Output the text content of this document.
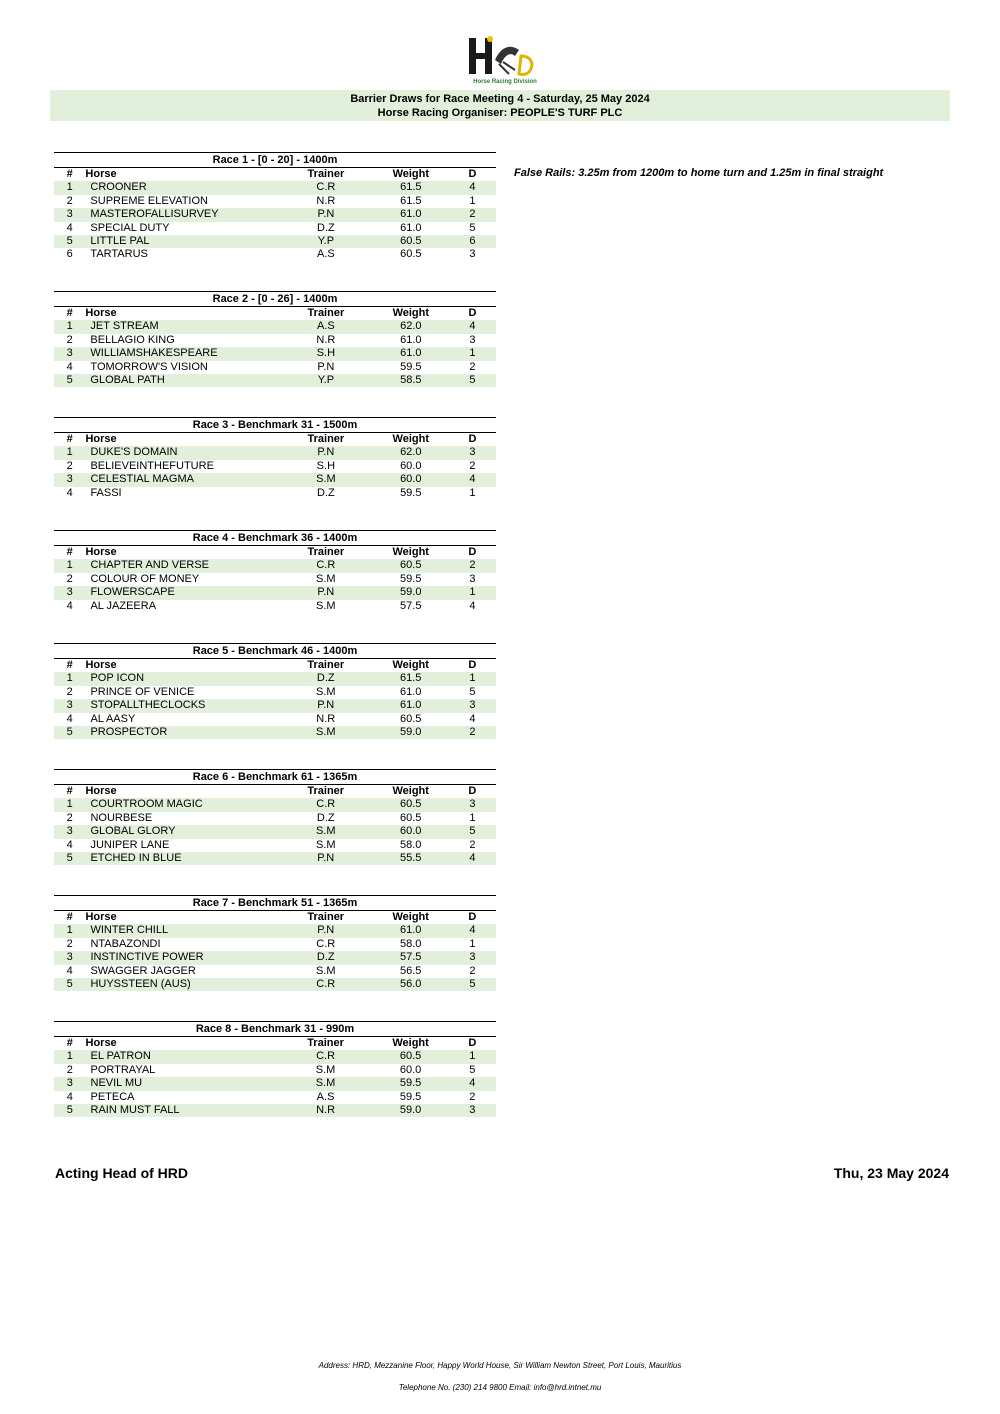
Horse Racing Division
Barrier Draws for Race Meeting 4 - Saturday, 25 May 2024
Horse Racing Organiser: PEOPLE'S TURF PLC
Race 1 - [0 - 20] - 1400m
#	Horse	Trainer	Weight	D
1	CROONER	C.R	61.5	4
2	SUPREME ELEVATION	N.R	61.5	1
3	MASTEROFALLISURVEY	P.N	61.0	2
4	SPECIAL DUTY	D.Z	61.0	5
5	LITTLE PAL	Y.P	60.5	6
6	TARTARUS	A.S	60.5	3
Race 2 - [0 - 26] - 1400m
#	Horse	Trainer	Weight	D
1	JET STREAM	A.S	62.0	4
2	BELLAGIO KING	N.R	61.0	3
3	WILLIAMSHAKESPEARE	S.H	61.0	1
4	TOMORROW'S VISION	P.N	59.5	2
5	GLOBAL PATH	Y.P	58.5	5
Race 3 - Benchmark 31 - 1500m
#	Horse	Trainer	Weight	D
1	DUKE'S DOMAIN	P.N	62.0	3
2	BELIEVEINTHEFUTURE	S.H	60.0	2
3	CELESTIAL MAGMA	S.M	60.0	4
4	FASSI	D.Z	59.5	1
Race 4 - Benchmark 36 - 1400m
#	Horse	Trainer	Weight	D
1	CHAPTER AND VERSE	C.R	60.5	2
2	COLOUR OF MONEY	S.M	59.5	3
3	FLOWERSCAPE	P.N	59.0	1
4	AL JAZEERA	S.M	57.5	4
Race 5 - Benchmark 46 - 1400m
#	Horse	Trainer	Weight	D
1	POP ICON	D.Z	61.5	1
2	PRINCE OF VENICE	S.M	61.0	5
3	STOPALLTHECLOCKS	P.N	61.0	3
4	AL AASY	N.R	60.5	4
5	PROSPECTOR	S.M	59.0	2
Race 6 - Benchmark 61 - 1365m
#	Horse	Trainer	Weight	D
1	COURTROOM MAGIC	C.R	60.5	3
2	NOURBESE	D.Z	60.5	1
3	GLOBAL GLORY	S.M	60.0	5
4	JUNIPER LANE	S.M	58.0	2
5	ETCHED IN BLUE	P.N	55.5	4
Race 7 - Benchmark 51 - 1365m
#	Horse	Trainer	Weight	D
1	WINTER CHILL	P.N	61.0	4
2	NTABAZONDI	C.R	58.0	1
3	INSTINCTIVE POWER	D.Z	57.5	3
4	SWAGGER JAGGER	S.M	56.5	2
5	HUYSSTEEN (AUS)	C.R	56.0	5
Race 8 - Benchmark 31 - 990m
#	Horse	Trainer	Weight	D
1	EL PATRON	C.R	60.5	1
2	PORTRAYAL	S.M	60.0	5
3	NEVIL MU	S.M	59.5	4
4	PETECA	A.S	59.5	2
5	RAIN MUST FALL	N.R	59.0	3
False Rails: 3.25m from 1200m to home turn and 1.25m in final straight
Acting Head of HRD	Thu, 23 May 2024
Address: HRD, Mezzanine Floor, Happy World House, Sir William Newton Street, Port Louis, Mauritius
Telephone No. (230) 214 9800 Email: info@hrd.intnet.mu
